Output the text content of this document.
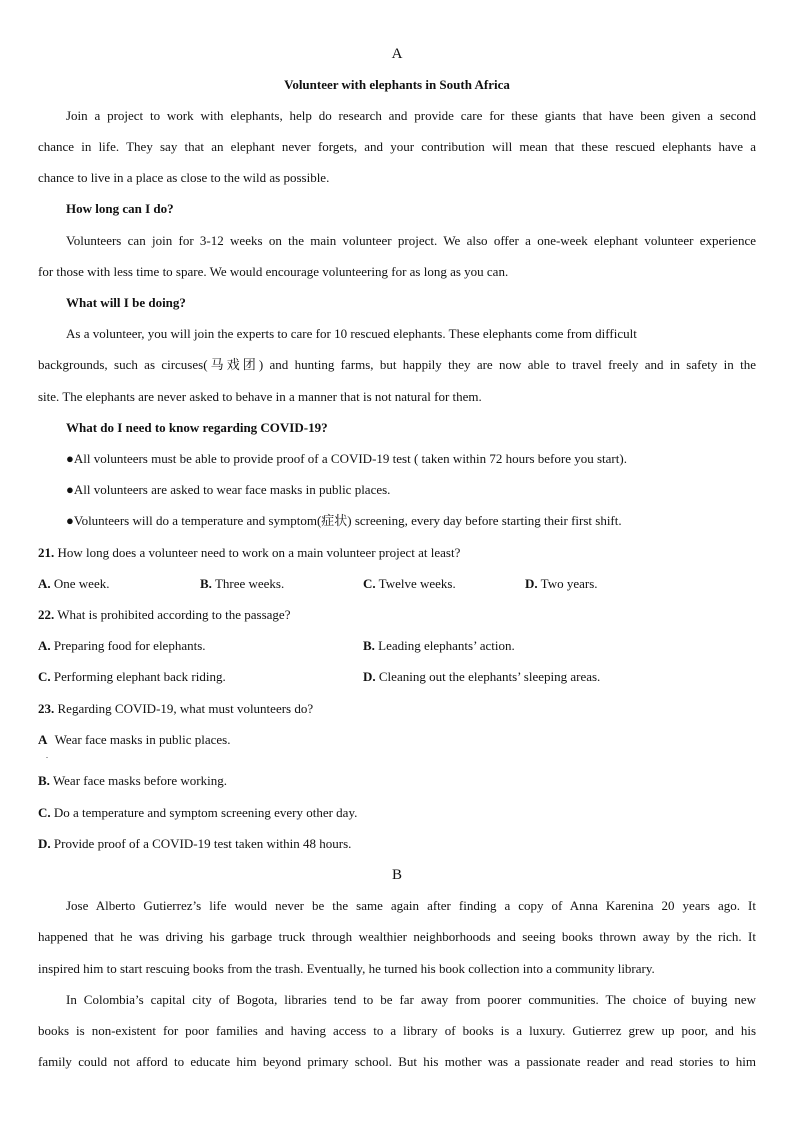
A
Volunteer with elephants in South Africa
Join a project to work with elephants, help do research and provide care for these giants that have been given a second
chance in life. They say that an elephant never forgets, and your contribution will mean that these rescued elephants have a
chance to live in a place as close to the wild as possible.
How long can I do?
Volunteers can join for 3-12 weeks on the main volunteer project. We also offer a one-week elephant volunteer experience
for those with less time to spare. We would encourage volunteering for as long as you can.
What will I be doing?
As a volunteer, you will join the experts to care for 10 rescued elephants. These elephants come from difficult
backgrounds, such as circuses(马戏团) and hunting farms, but happily they are now able to travel freely and in safety in the
site. The elephants are never asked to behave in a manner that is not natural for them.
What do I need to know regarding COVID-19?
●All volunteers must be able to provide proof of a COVID-19 test ( taken within 72 hours before you start).
●All volunteers are asked to wear face masks in public places.
●Volunteers will do a temperature and symptom(症状) screening, every day before starting their first shift.
21. How long does a volunteer need to work on a main volunteer project at least?
A. One week.	B. Three weeks.	C. Twelve weeks.	D. Two years.
22. What is prohibited according to the passage?
A. Preparing food for elephants.	B. Leading elephants’ action.
C. Performing elephant back riding.	D. Cleaning out the elephants’ sleeping areas.
23. Regarding COVID-19, what must volunteers do?
A Wear face masks in public places.
.
B. Wear face masks before working.
C. Do a temperature and symptom screening every other day.
D. Provide proof of a COVID-19 test taken within 48 hours.
B
Jose Alberto Gutierrez’s life would never be the same again after finding a copy of Anna Karenina 20 years ago. It
happened that he was driving his garbage truck through wealthier neighborhoods and seeing books thrown away by the rich. It
inspired him to start rescuing books from the trash. Eventually, he turned his book collection into a community library.
In Colombia’s capital city of Bogota, libraries tend to be far away from poorer communities. The choice of buying new
books is non-existent for poor families and having access to a library of books is a luxury. Gutierrez grew up poor, and his
family could not afford to educate him beyond primary school. But his mother was a passionate reader and read stories to him
